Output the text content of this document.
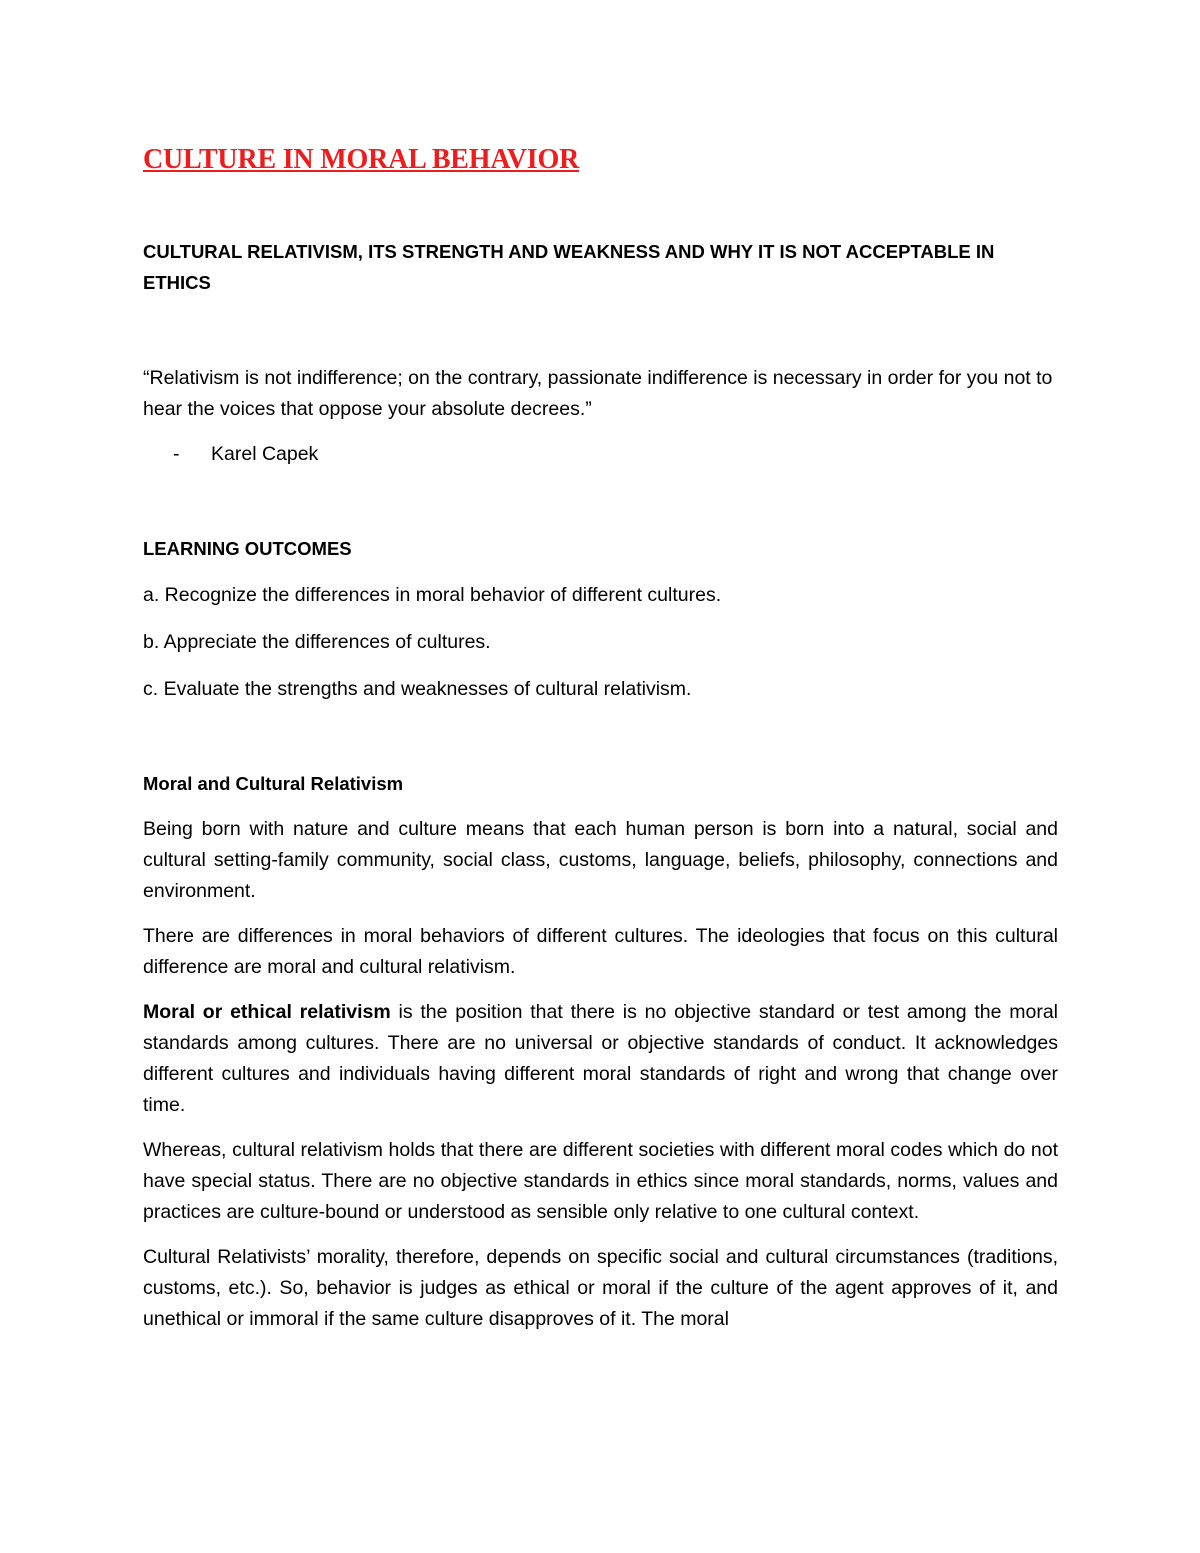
CULTURE IN MORAL BEHAVIOR

CULTURAL RELATIVISM, ITS STRENGTH AND WEAKNESS AND WHY IT IS NOT ACCEPTABLE IN ETHICS

“Relativism is not indifference; on the contrary, passionate indifference is necessary in order for you not to hear the voices that oppose your absolute decrees.”

- Karel Capek

LEARNING OUTCOMES

a. Recognize the differences in moral behavior of different cultures.

b. Appreciate the differences of cultures.

c. Evaluate the strengths and weaknesses of cultural relativism.

Moral and Cultural Relativism

Being born with nature and culture means that each human person is born into a natural, social and cultural setting-family community, social class, customs, language, beliefs, philosophy, connections and environment.

There are differences in moral behaviors of different cultures. The ideologies that focus on this cultural difference are moral and cultural relativism.

Moral or ethical relativism is the position that there is no objective standard or test among the moral standards among cultures. There are no universal or objective standards of conduct. It acknowledges different cultures and individuals having different moral standards of right and wrong that change over time.

Whereas, cultural relativism holds that there are different societies with different moral codes which do not have special status. There are no objective standards in ethics since moral standards, norms, values and practices are culture-bound or understood as sensible only relative to one cultural context.

Cultural Relativists’ morality, therefore, depends on specific social and cultural circumstances (traditions, customs, etc.). So, behavior is judges as ethical or moral if the culture of the agent approves of it, and unethical or immoral if the same culture disapproves of it. The moral
